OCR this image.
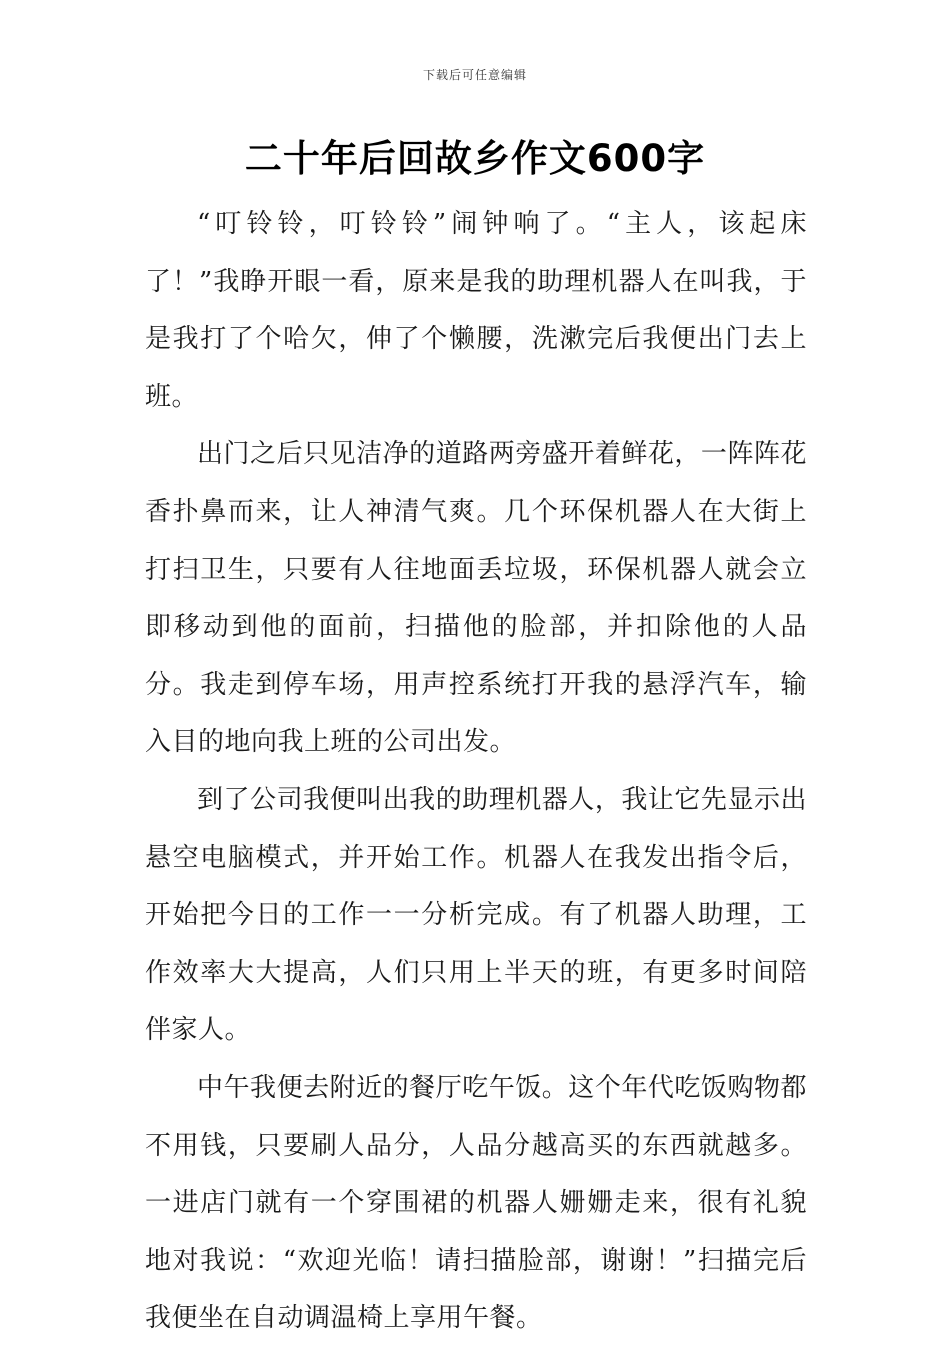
下载后可任意编辑
二十年后回故乡作文600字

“叮铃铃，叮铃铃”闹钟响了。“主人，该起床了！”我睁开眼一看，原来是我的助理机器人在叫我，于是我打了个哈欠，伸了个懒腰，洗漱完后我便出门去上班。

出门之后只见洁净的道路两旁盛开着鲜花，一阵阵花香扑鼻而来，让人神清气爽。几个环保机器人在大街上打扫卫生，只要有人往地面丢垃圾，环保机器人就会立即移动到他的面前，扫描他的脸部，并扣除他的人品分。我走到停车场，用声控系统打开我的悬浮汽车，输入目的地向我上班的公司出发。

到了公司我便叫出我的助理机器人，我让它先显示出悬空电脑模式，并开始工作。机器人在我发出指令后，开始把今日的工作一一分析完成。有了机器人助理，工作效率大大提高，人们只用上半天的班，有更多时间陪伴家人。

中午我便去附近的餐厅吃午饭。这个年代吃饭购物都不用钱，只要刷人品分，人品分越高买的东西就越多。一进店门就有一个穿围裙的机器人姗姗走来，很有礼貌地对我说：“欢迎光临！请扫描脸部，谢谢！”扫描完后我便坐在自动调温椅上享用午餐。
